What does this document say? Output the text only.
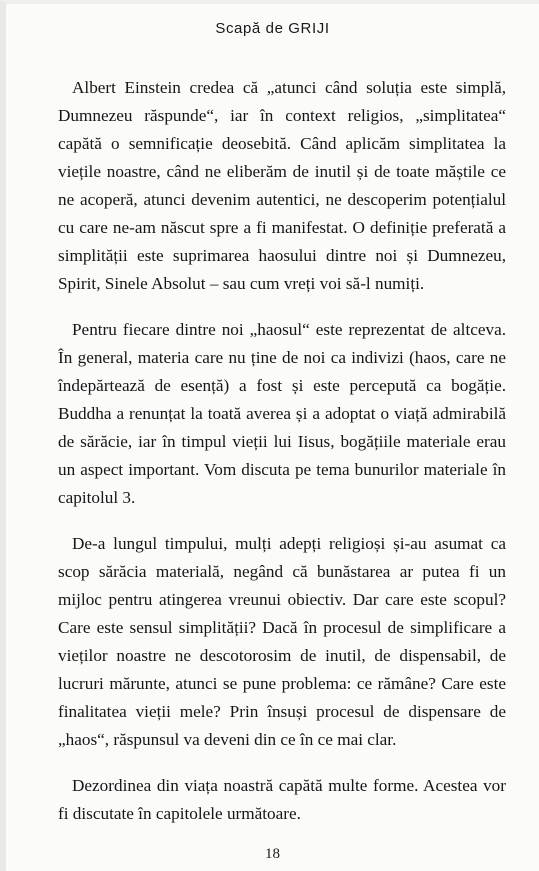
Scapă de GRIJI

Albert Einstein credea că „atunci când soluția este simplă, Dumnezeu răspunde“, iar în context religios, „simplitatea“ capătă o semnificație deosebită. Când aplicăm simplitatea la viețile noastre, când ne eliberăm de inutil și de toate măștile ce ne acoperă, atunci devenim autentici, ne descoperim potențialul cu care ne-am născut spre a fi manifestat. O definiție preferată a simplității este suprimarea haosului dintre noi și Dumnezeu, Spirit, Sinele Absolut – sau cum vreți voi să-l numiți.

Pentru fiecare dintre noi „haosul“ este reprezentat de altceva. În general, materia care nu ține de noi ca indivizi (haos, care ne îndepărtează de esență) a fost și este percepută ca bogăție. Buddha a renunțat la toată averea și a adoptat o viață admirabilă de sărăcie, iar în timpul vieții lui Iisus, bogățiile materiale erau un aspect important. Vom discuta pe tema bunurilor materiale în capitolul 3.

De-a lungul timpului, mulți adepți religioși și-au asumat ca scop sărăcia materială, negând că bunăstarea ar putea fi un mijloc pentru atingerea vreunui obiectiv. Dar care este scopul? Care este sensul simplității? Dacă în procesul de simplificare a vieților noastre ne descotorosim de inutil, de dispensabil, de lucruri mărunte, atunci se pune problema: ce rămâne? Care este finalitatea vieții mele? Prin însuși procesul de dispensare de „haos“, răspunsul va deveni din ce în ce mai clar.

Dezordinea din viața noastră capătă multe forme. Acestea vor fi discutate în capitolele următoare.

18
